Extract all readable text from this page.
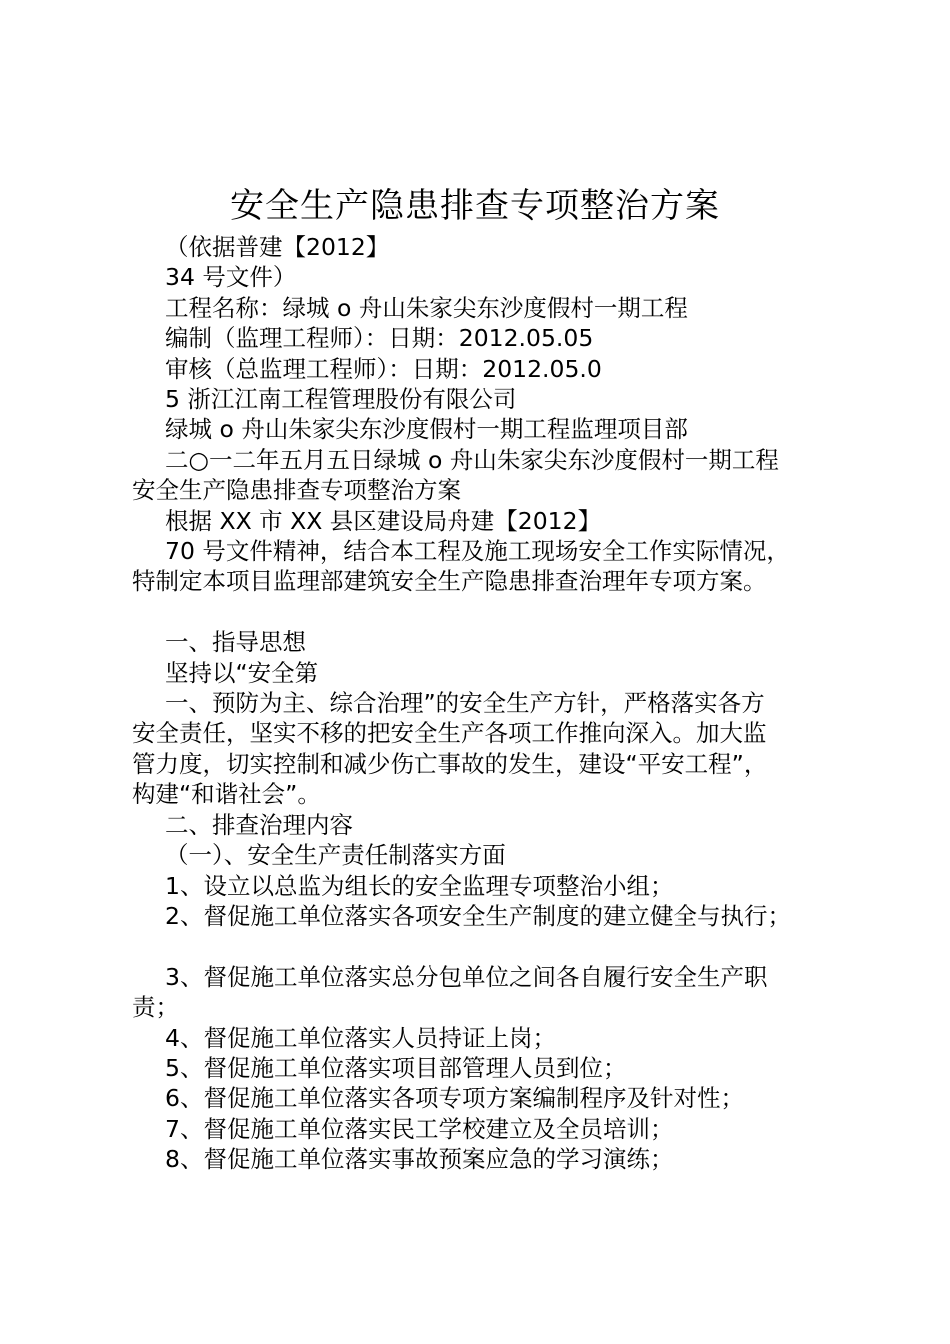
安全生产隐患排查专项整治方案

（依据普建【2012】

34 号文件）

工程名称：绿城 o 舟山朱家尖东沙度假村一期工程

编制（监理工程师）：日期：2012.05.05

审核（总监理工程师）：日期：2012.05.0

5 浙江江南工程管理股份有限公司

绿城 o 舟山朱家尖东沙度假村一期工程监理项目部

二○一二年五月五日绿城 o 舟山朱家尖东沙度假村一期工程

安全生产隐患排查专项整治方案

根据 XX 市 XX 县区建设局舟建【2012】

70 号文件精神，结合本工程及施工现场安全工作实际情况，

特制定本项目监理部建筑安全生产隐患排查治理年专项方案。

一、指导思想

坚持以“安全第

一、预防为主、综合治理”的安全生产方针，严格落实各方

安全责任，坚实不移的把安全生产各项工作推向深入。加大监

管力度，切实控制和减少伤亡事故的发生，建设“平安工程”，

构建“和谐社会”。

二、排查治理内容

（一）、安全生产责任制落实方面

1、设立以总监为组长的安全监理专项整治小组；

2、督促施工单位落实各项安全生产制度的建立健全与执行；

3、督促施工单位落实总分包单位之间各自履行安全生产职

责；

4、督促施工单位落实人员持证上岗；

5、督促施工单位落实项目部管理人员到位；

6、督促施工单位落实各项专项方案编制程序及针对性；

7、督促施工单位落实民工学校建立及全员培训；

8、督促施工单位落实事故预案应急的学习演练；
